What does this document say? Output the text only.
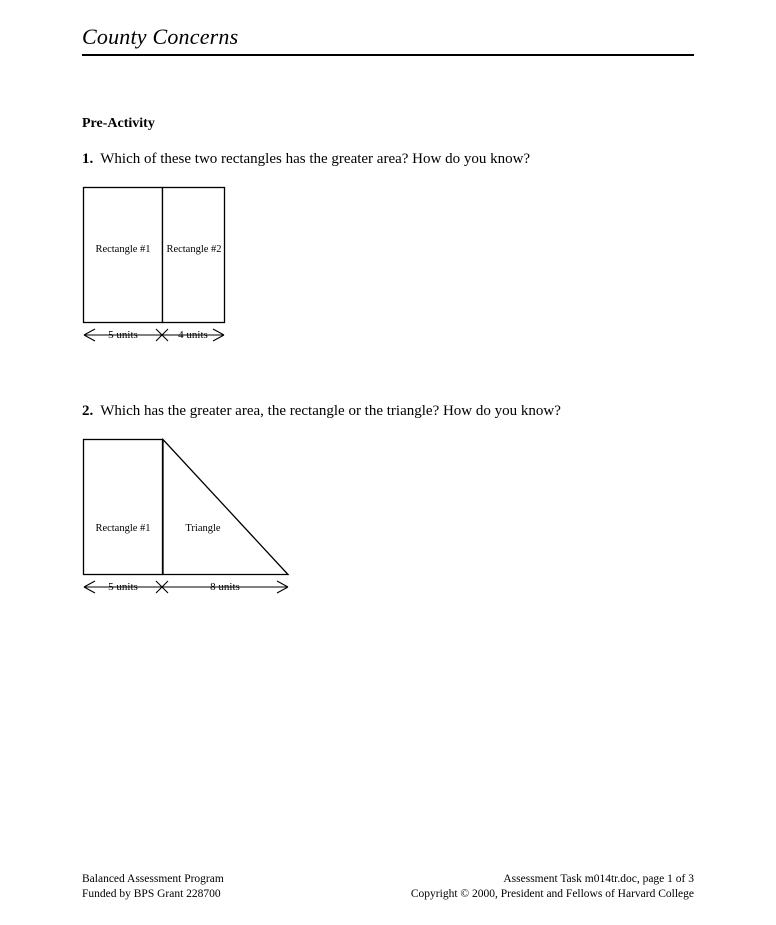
County Concerns
Pre-Activity
1. Which of these two rectangles has the greater area? How do you know?
Rectangle #1	Rectangle #2
5 units	4 units
2. Which has the greater area, the rectangle or the triangle? How do you know?
Rectangle #1	Triangle
5 units	8 units
Balanced Assessment Program	Assessment Task m014tr.doc, page 1 of 3
Funded by BPS Grant 228700	Copyright © 2000, President and Fellows of Harvard College
